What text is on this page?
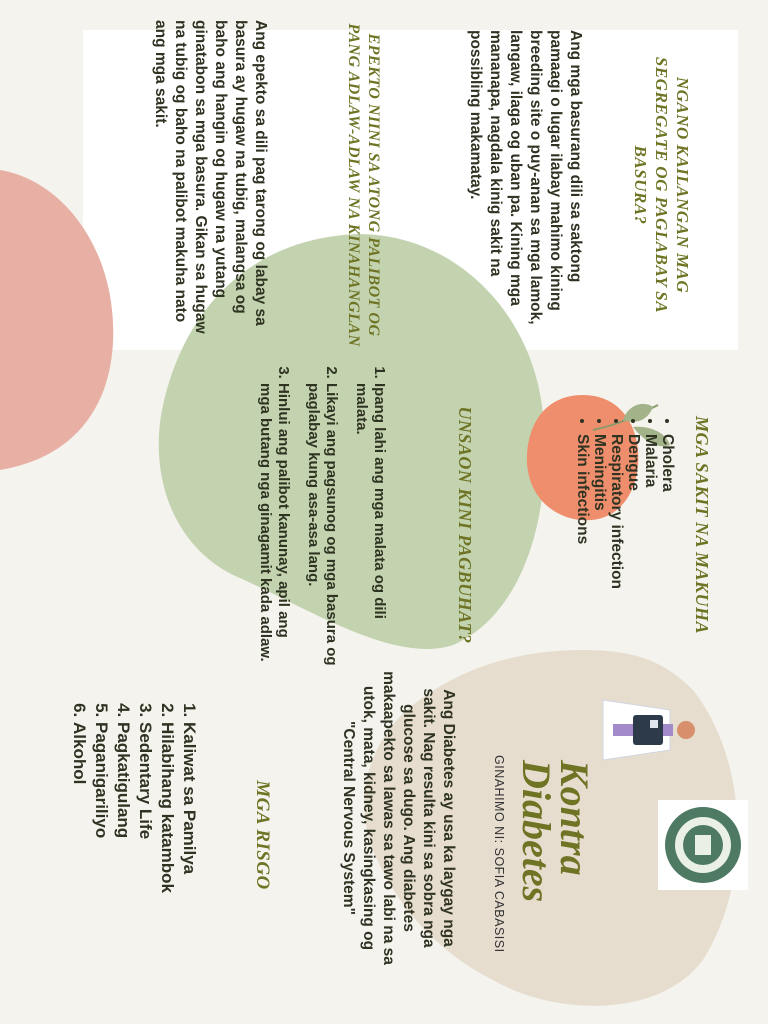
NGANO KAILANGAN MAG SEGREGATE OG PAGLABAY SA BASURA?
Ang mga basurang dili sa saktong pamaagi o lugar ilabay mahimo kining breeding site o puy-anan sa mga lamok, langaw, ilaga og uban pa. Kining mga mananapa, nagdala kinig sakit na possibling makamatay.
EPEKTO NIINI SA ATONG PALIBOT OG PANG ADLAW-ADLAW NA KINAHANGLAN
Ang epekto sa dili pag tarong og labay sa basura ay hugaw na tubig, malangsa og baho ang hangin og hugaw na yutang ginatabon sa mga basura. Gikan sa hugaw na tubig og baho na palibot makuha nato ang mga sakit.
MGA SAKIT NA MAKUHA
• Cholera
• Malaria
• Dengue
• Respiratory infection
• Meningitis
• Skin infections
UNSAON KINI PAGBUHAT?
1. Ipang lahi ang mga malata og dili malata.
2. Likayi ang pagsunog og mga basura og paglabay kung asa-asa lang.
3. Hinlui ang palibot kanunay, apil ang mga butang nga ginagamit kada adlaw.
Kontra
Diabetes
GINAHIMO NI: SOFIA CABASISI
Ang Diabetes ay usa ka laygay nga sakit. Nag resulta kini sa sobra nga glucose sa dugo. Ang diabetes makaapekto sa lawas sa tawo labi na sa utok, mata, kidney, kasingkasing og "Central Nervous System"
MGA RISGO
1. Kaliwat sa Pamilya
2. Hilabihang katambok
3. Sedentary Life
4. Pagkatigulang
5. Paganigariliyo
6. Alkohol
